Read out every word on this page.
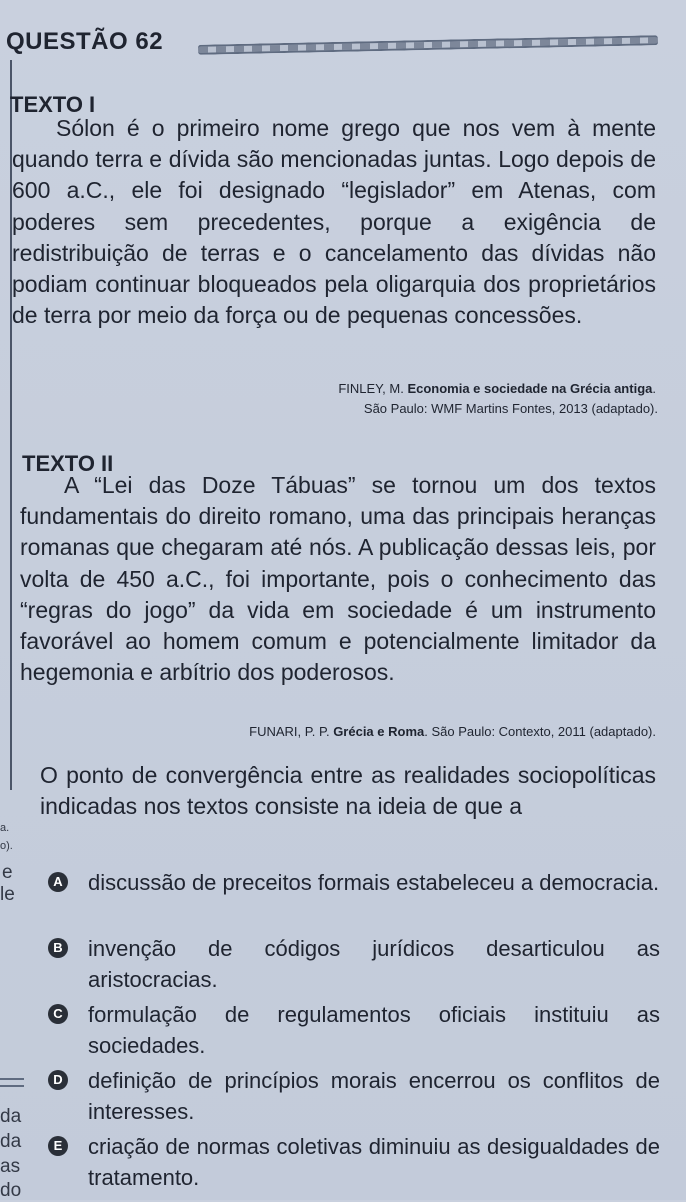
QUESTÃO 62
TEXTO I
Sólon é o primeiro nome grego que nos vem à mente quando terra e dívida são mencionadas juntas. Logo depois de 600 a.C., ele foi designado “legislador” em Atenas, com poderes sem precedentes, porque a exigência de redistribuição de terras e o cancelamento das dívidas não podiam continuar bloqueados pela oligarquia dos proprietários de terra por meio da força ou de pequenas concessões.
FINLEY, M. Economia e sociedade na Grécia antiga.
São Paulo: WMF Martins Fontes, 2013 (adaptado).
TEXTO II
A “Lei das Doze Tábuas” se tornou um dos textos fundamentais do direito romano, uma das principais heranças romanas que chegaram até nós. A publicação dessas leis, por volta de 450 a.C., foi importante, pois o conhecimento das “regras do jogo” da vida em sociedade é um instrumento favorável ao homem comum e potencialmente limitador da hegemonia e arbítrio dos poderosos.
FUNARI, P. P. Grécia e Roma. São Paulo: Contexto, 2011 (adaptado).
O ponto de convergência entre as realidades sociopolíticas indicadas nos textos consiste na ideia de que a
A discussão de preceitos formais estabeleceu a democracia.
B invenção de códigos jurídicos desarticulou as aristocracias.
C formulação de regulamentos oficiais instituiu as sociedades.
D definição de princípios morais encerrou os conflitos de interesses.
E criação de normas coletivas diminuiu as desigualdades de tratamento.
a.
o).
e
le
da
da
as
do
